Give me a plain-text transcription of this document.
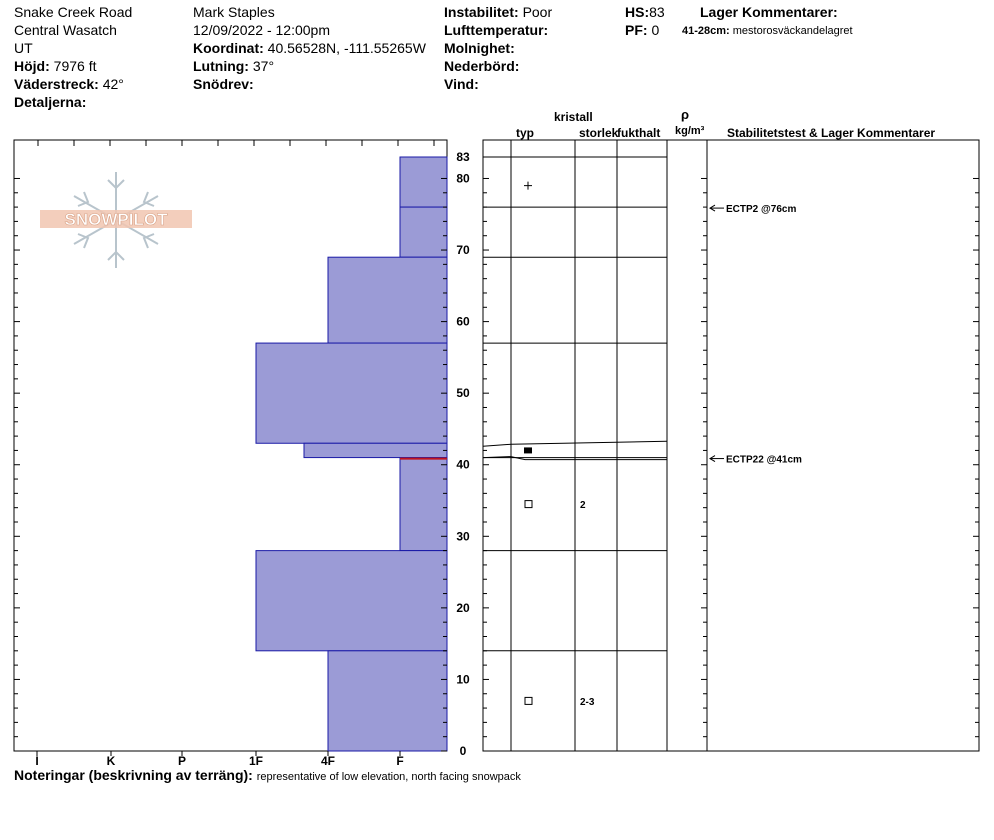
Snake Creek Road
Central Wasatch
UT
Höjd: 7976 ft
Väderstreck: 42°
Detaljerna:
Mark Staples
12/09/2022 - 12:00pm
Koordinat: 40.56528N, -111.55265W
Lutning: 37°
Snödrev:
Instabilitet: Poor
Lufttemperatur:
Molnighet:
Nederbörd:
Vind:
HS:83
PF: 0
Lager Kommentarer:
41-28cm: mestorosväckandelagret
kristall
typ	storlek
fukthalt
ρ
kg/m³ Stabilitetstest & Lager Kommentarer
I	K	P	1F	4F	F
0
10
20
30
40
50
60
70
80
83
2
2-3
ECTP2 @76cm
ECTP22 @41cm
SNOWPILOT
Noteringar (beskrivning av terräng): representative of low elevation, north facing snowpack
